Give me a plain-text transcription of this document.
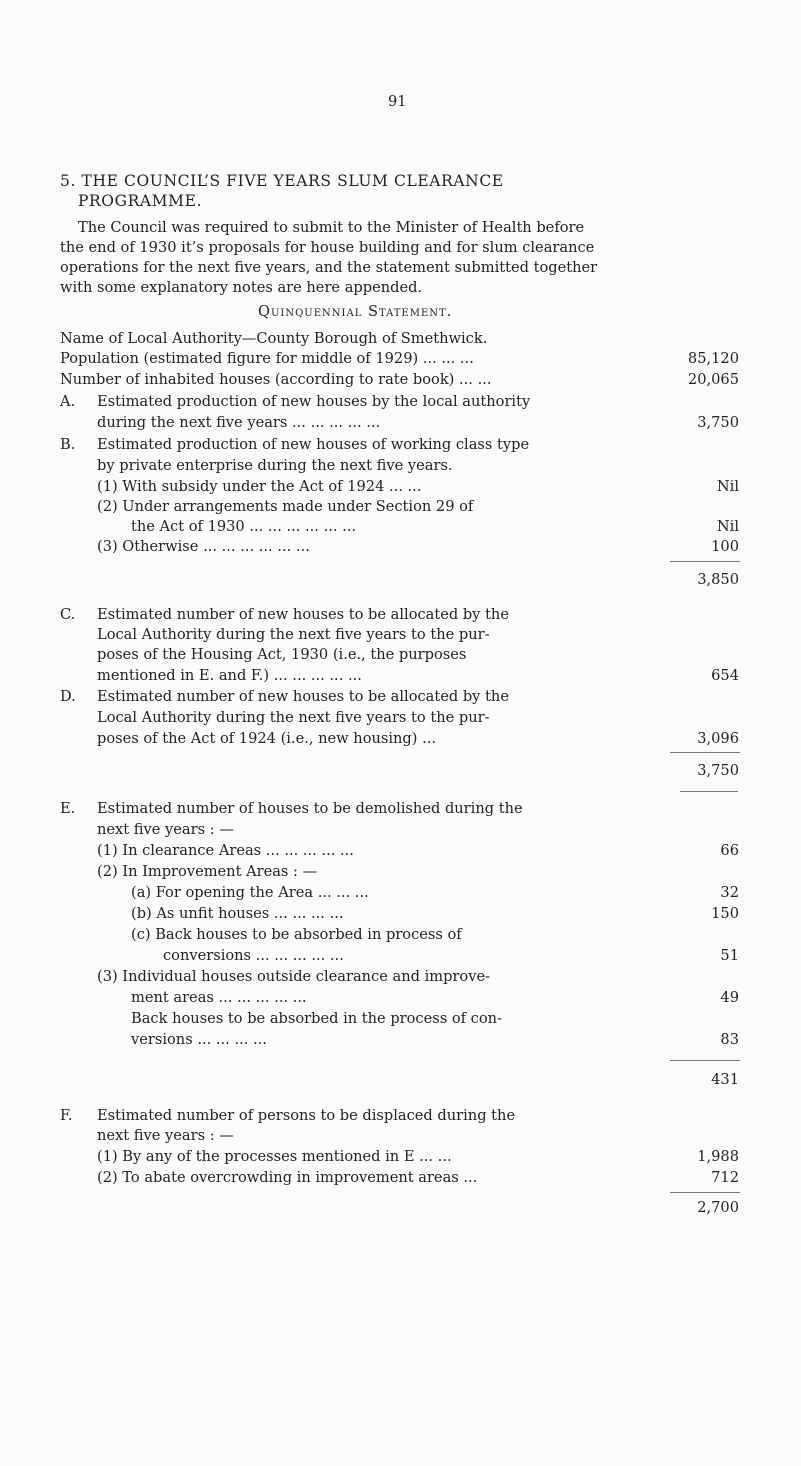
91
5. THE COUNCIL’S FIVE YEARS SLUM CLEARANCE
PROGRAMME.
The Council was required to submit to the Minister of Health before
the end of 1930 it’s proposals for house building and for slum clearance
operations for the next five years, and the statement submitted together
with some explanatory notes are here appended.
Quinquennial Statement.
Name of Local Authority—County Borough of Smethwick.
Population (estimated figure for middle of 1929) ... ... ...	85,120
Number of inhabited houses (according to rate book) ... ...	20,065
A. Estimated production of new houses by the local authority
during the next five years ... ... ... ... ...	3,750
B. Estimated production of new houses of working class type
by private enterprise during the next five years.
(1) With subsidy under the Act of 1924 ... ...	Nil
(2) Under arrangements made under Section 29 of
the Act of 1930 ... ... ... ... ... ...	Nil
(3) Otherwise ... ... ... ... ... ...	100
3,850
C. Estimated number of new houses to be allocated by the
Local Authority during the next five years to the pur-
poses of the Housing Act, 1930 (i.e., the purposes
mentioned in E. and F.) ... ... ... ... ...	654
D. Estimated number of new houses to be allocated by the
Local Authority during the next five years to the pur-
poses of the Act of 1924 (i.e., new housing) ...	3,096
3,750
E. Estimated number of houses to be demolished during the
next five years : —
(1) In clearance Areas ... ... ... ... ...	66
(2) In Improvement Areas : —
(a) For opening the Area ... ... ...	32
(b) As unfit houses ... ... ... ...	150
(c) Back houses to be absorbed in process of
conversions ... ... ... ... ...	51
(3) Individual houses outside clearance and improve-
ment areas ... ... ... ... ...	49
Back houses to be absorbed in the process of con-
versions ... ... ... ...	83
431
F. Estimated number of persons to be displaced during the
next five years : —
(1) By any of the processes mentioned in E ... ...	1,988
(2) To abate overcrowding in improvement areas ...	712
2,700
